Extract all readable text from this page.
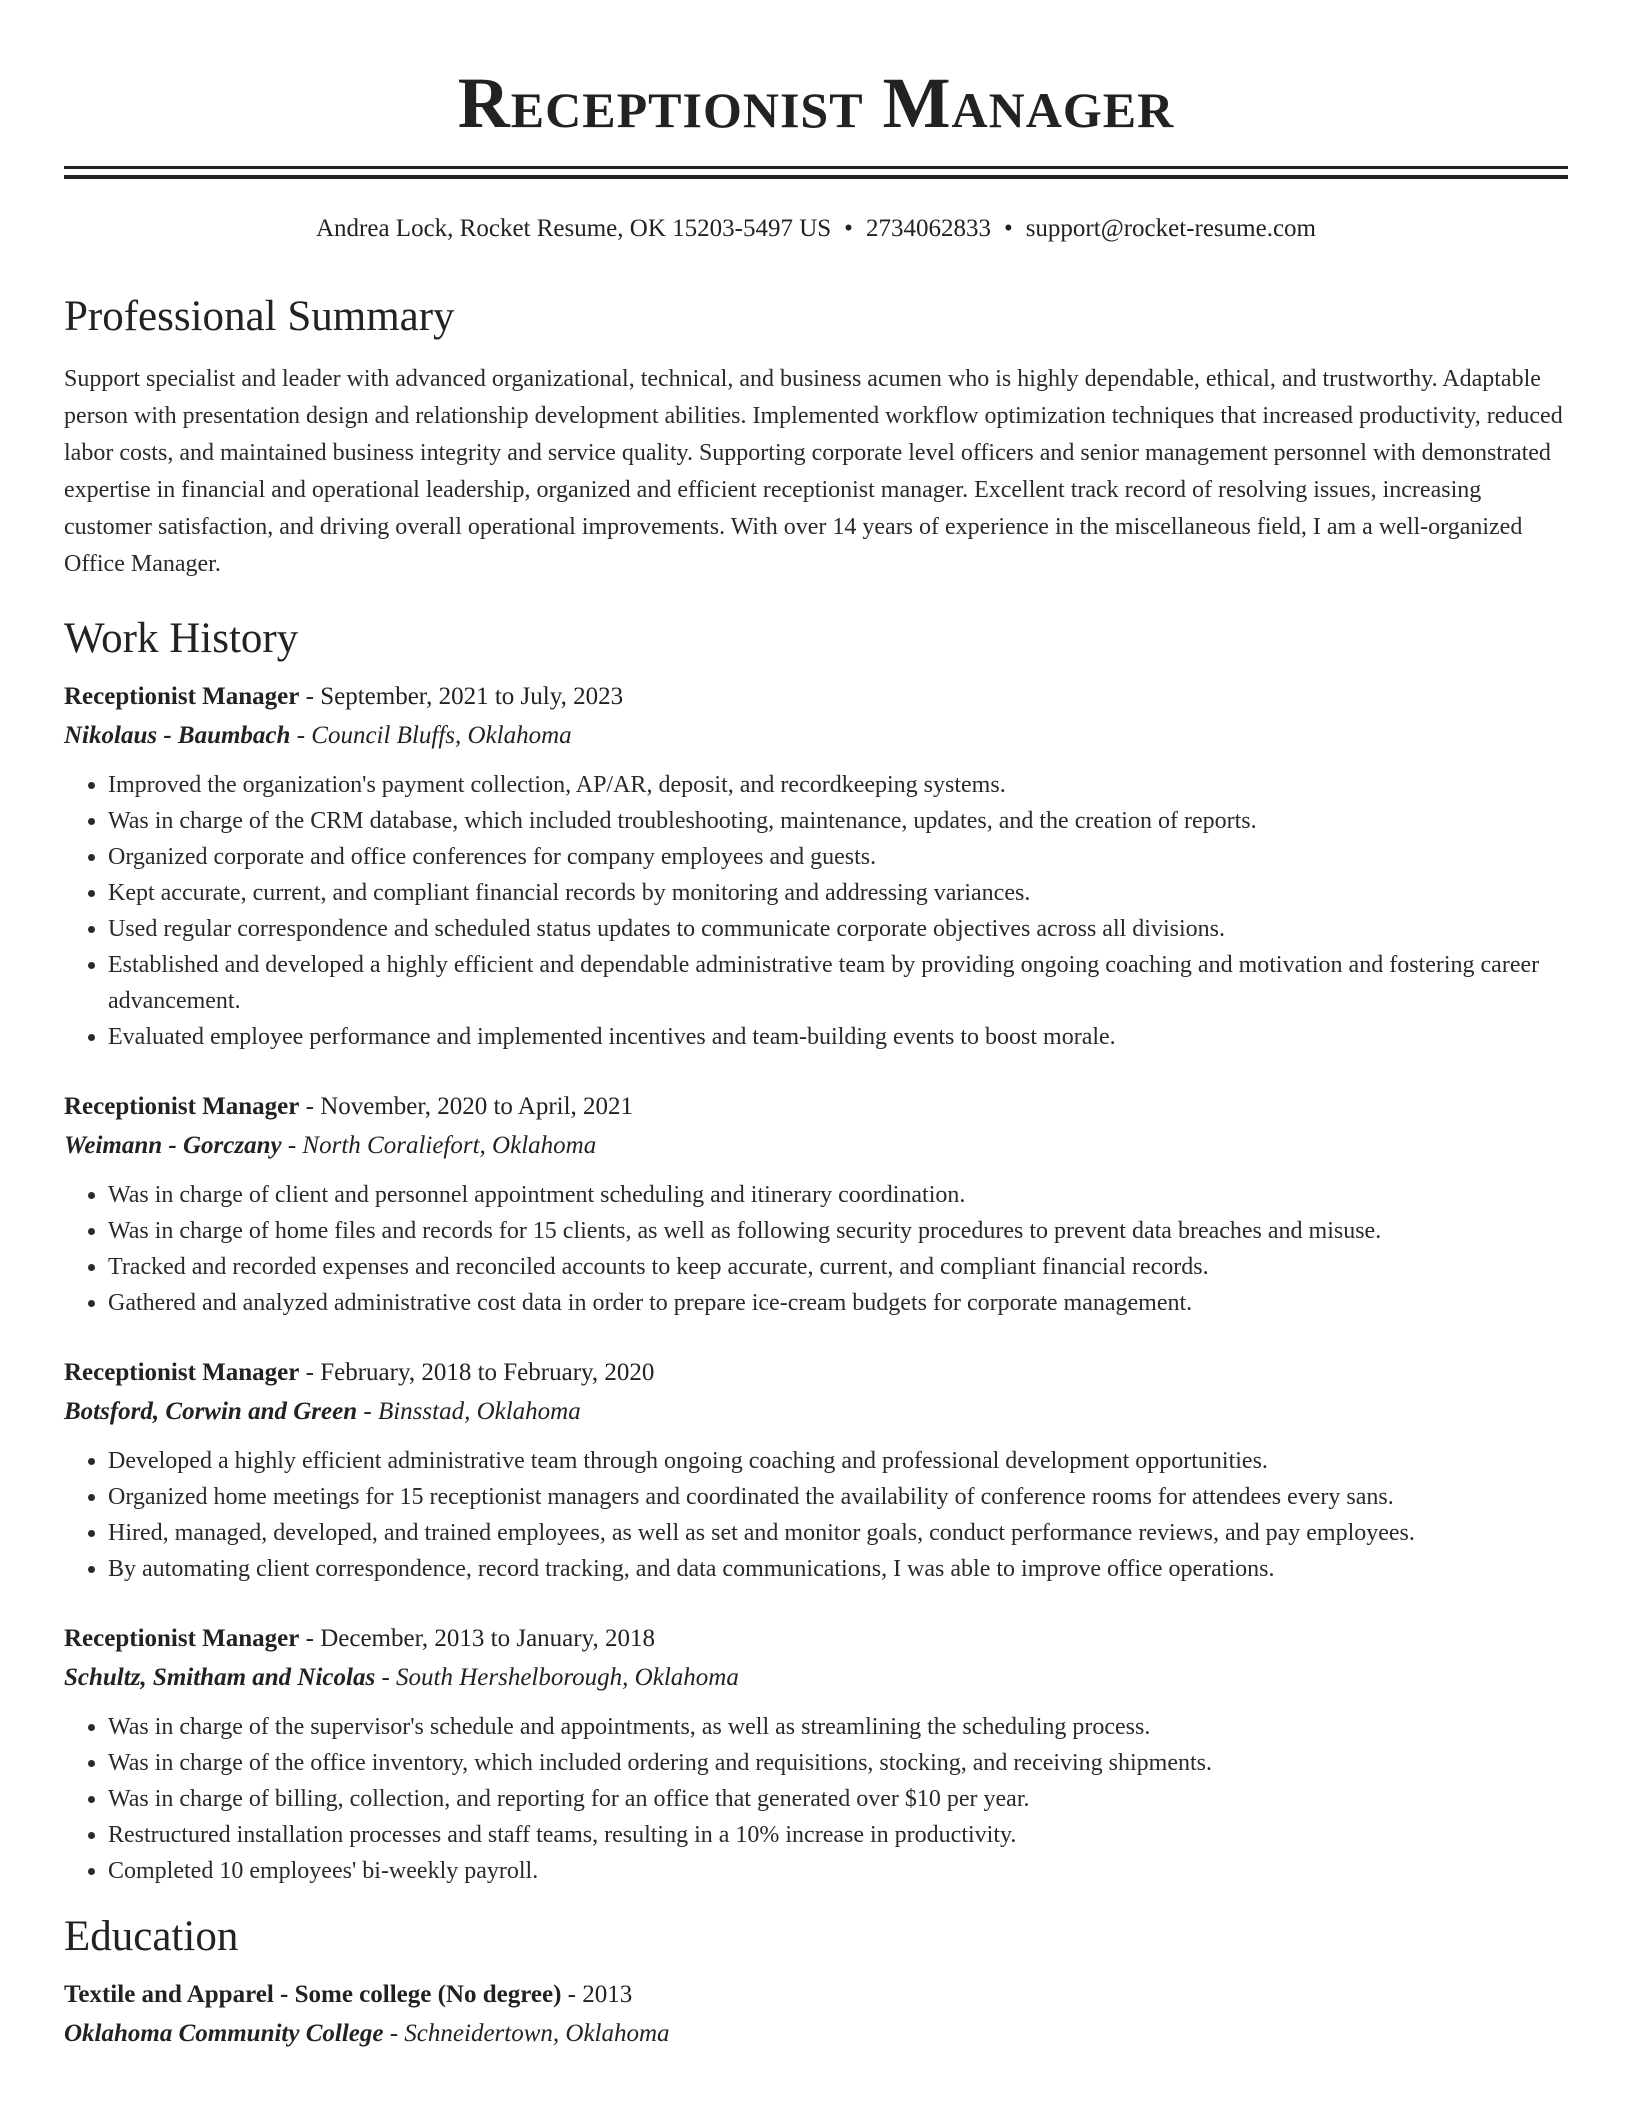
Receptionist Manager
Andrea Lock, Rocket Resume, OK 15203-5497 US • 2734062833 • support@rocket-resume.com
Professional Summary

Support specialist and leader with advanced organizational, technical, and business acumen who is highly dependable, ethical, and trustworthy. Adaptable person with presentation design and relationship development abilities. Implemented workflow optimization techniques that increased productivity, reduced labor costs, and maintained business integrity and service quality. Supporting corporate level officers and senior management personnel with demonstrated expertise in financial and operational leadership, organized and efficient receptionist manager. Excellent track record of resolving issues, increasing customer satisfaction, and driving overall operational improvements. With over 14 years of experience in the miscellaneous field, I am a well-organized Office Manager.

Work History
Receptionist Manager - September, 2021 to July, 2023
Nikolaus - Baumbach - Council Bluffs, Oklahoma
• Improved the organization's payment collection, AP/AR, deposit, and recordkeeping systems.
• Was in charge of the CRM database, which included troubleshooting, maintenance, updates, and the creation of reports.
• Organized corporate and office conferences for company employees and guests.
• Kept accurate, current, and compliant financial records by monitoring and addressing variances.
• Used regular correspondence and scheduled status updates to communicate corporate objectives across all divisions.
• Established and developed a highly efficient and dependable administrative team by providing ongoing coaching and motivation and fostering career advancement.
• Evaluated employee performance and implemented incentives and team-building events to boost morale.
Receptionist Manager - November, 2020 to April, 2021
Weimann - Gorczany - North Coraliefort, Oklahoma
• Was in charge of client and personnel appointment scheduling and itinerary coordination.
• Was in charge of home files and records for 15 clients, as well as following security procedures to prevent data breaches and misuse.
• Tracked and recorded expenses and reconciled accounts to keep accurate, current, and compliant financial records.
• Gathered and analyzed administrative cost data in order to prepare ice-cream budgets for corporate management.
Receptionist Manager - February, 2018 to February, 2020
Botsford, Corwin and Green - Binsstad, Oklahoma
• Developed a highly efficient administrative team through ongoing coaching and professional development opportunities.
• Organized home meetings for 15 receptionist managers and coordinated the availability of conference rooms for attendees every sans.
• Hired, managed, developed, and trained employees, as well as set and monitor goals, conduct performance reviews, and pay employees.
• By automating client correspondence, record tracking, and data communications, I was able to improve office operations.
Receptionist Manager - December, 2013 to January, 2018
Schultz, Smitham and Nicolas - South Hershelborough, Oklahoma
• Was in charge of the supervisor's schedule and appointments, as well as streamlining the scheduling process.
• Was in charge of the office inventory, which included ordering and requisitions, stocking, and receiving shipments.
• Was in charge of billing, collection, and reporting for an office that generated over $10 per year.
• Restructured installation processes and staff teams, resulting in a 10% increase in productivity.
• Completed 10 employees' bi-weekly payroll.
Education
Textile and Apparel - Some college (No degree) - 2013
Oklahoma Community College - Schneidertown, Oklahoma
